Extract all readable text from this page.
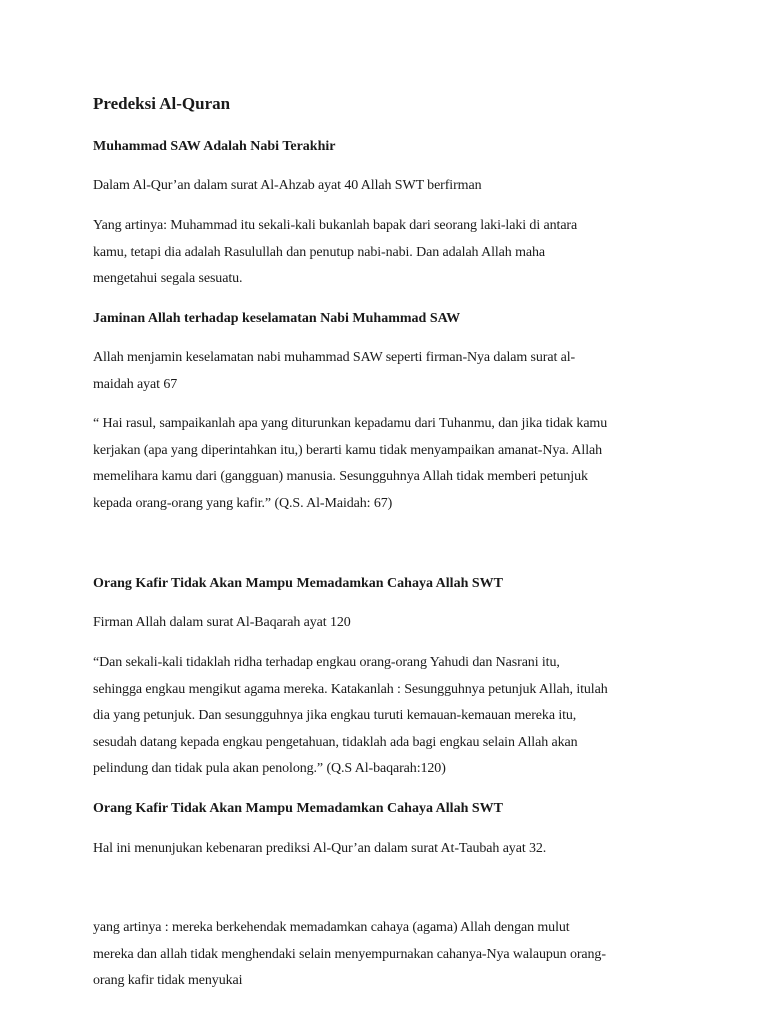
Predeksi Al-Quran
Muhammad SAW Adalah Nabi Terakhir

Dalam Al-Qur’an dalam surat Al-Ahzab ayat 40 Allah SWT berfirman

Yang artinya: Muhammad itu sekali-kali bukanlah bapak dari seorang laki-laki di antara
kamu, tetapi dia adalah Rasulullah dan penutup nabi-nabi. Dan adalah Allah maha
mengetahui segala sesuatu.

Jaminan Allah terhadap keselamatan Nabi Muhammad SAW

Allah menjamin keselamatan nabi muhammad SAW seperti firman-Nya dalam surat al-
maidah ayat 67

“ Hai rasul, sampaikanlah apa yang diturunkan kepadamu dari Tuhanmu, dan jika tidak kamu
kerjakan (apa yang diperintahkan itu,) berarti kamu tidak menyampaikan amanat-Nya. Allah
memelihara kamu dari (gangguan) manusia. Sesungguhnya Allah tidak memberi petunjuk
kepada orang-orang yang kafir.” (Q.S. Al-Maidah: 67)

Orang Kafir Tidak Akan Mampu Memadamkan Cahaya Allah SWT

Firman Allah dalam surat Al-Baqarah ayat 120

“Dan sekali-kali tidaklah ridha terhadap engkau orang-orang Yahudi dan Nasrani itu,
sehingga engkau mengikut agama mereka. Katakanlah : Sesungguhnya petunjuk Allah, itulah
dia yang petunjuk. Dan sesungguhnya jika engkau turuti kemauan-kemauan mereka itu,
sesudah datang kepada engkau pengetahuan, tidaklah ada bagi engkau selain Allah akan
pelindung dan tidak pula akan penolong.” (Q.S Al-baqarah:120)

Orang Kafir Tidak Akan Mampu Memadamkan Cahaya Allah SWT

Hal ini menunjukan kebenaran prediksi Al-Qur’an dalam surat At-Taubah ayat 32.

yang artinya : mereka berkehendak memadamkan cahaya (agama) Allah dengan mulut
mereka dan allah tidak menghendaki selain menyempurnakan cahanya-Nya walaupun orang-
orang kafir tidak menyukai
